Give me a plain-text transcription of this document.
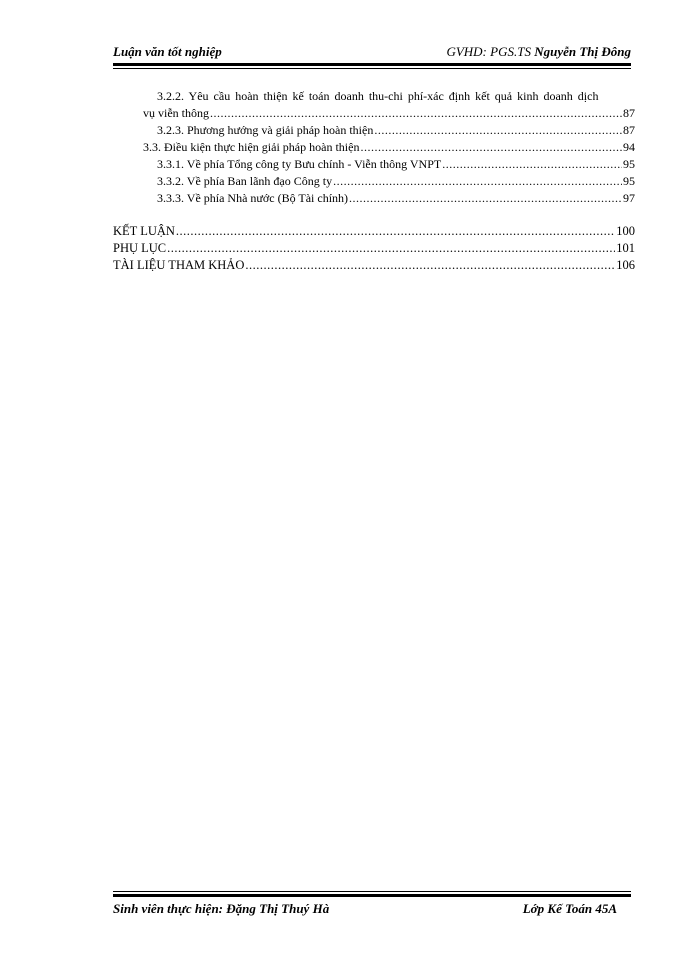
Luận văn tốt nghiệp	GVHD: PGS.TS Nguyễn Thị Đông
3.2.2. Yêu cầu hoàn thiện kế toán doanh thu-chi phí-xác định kết quả kinh doanh dịch
vụ viễn thông .....	87
3.2.3. Phương hướng và giải pháp hoàn thiện .....	87
3.3. Điều kiện thực hiện giải pháp hoàn thiện .....	94
3.3.1. Về phía Tổng công ty Bưu chính - Viễn thông VNPT .....	95
3.3.2. Về phía Ban lãnh đạo Công ty .....	95
3.3.3. Về phía Nhà nước (Bộ Tài chính) .....	97
KẾT LUẬN .....	100
PHỤ LỤC .....	101
TÀI LIỆU THAM KHẢO .....	106
Sinh viên thực hiện: Đặng Thị Thuý Hà	Lớp Kế Toán 45A
